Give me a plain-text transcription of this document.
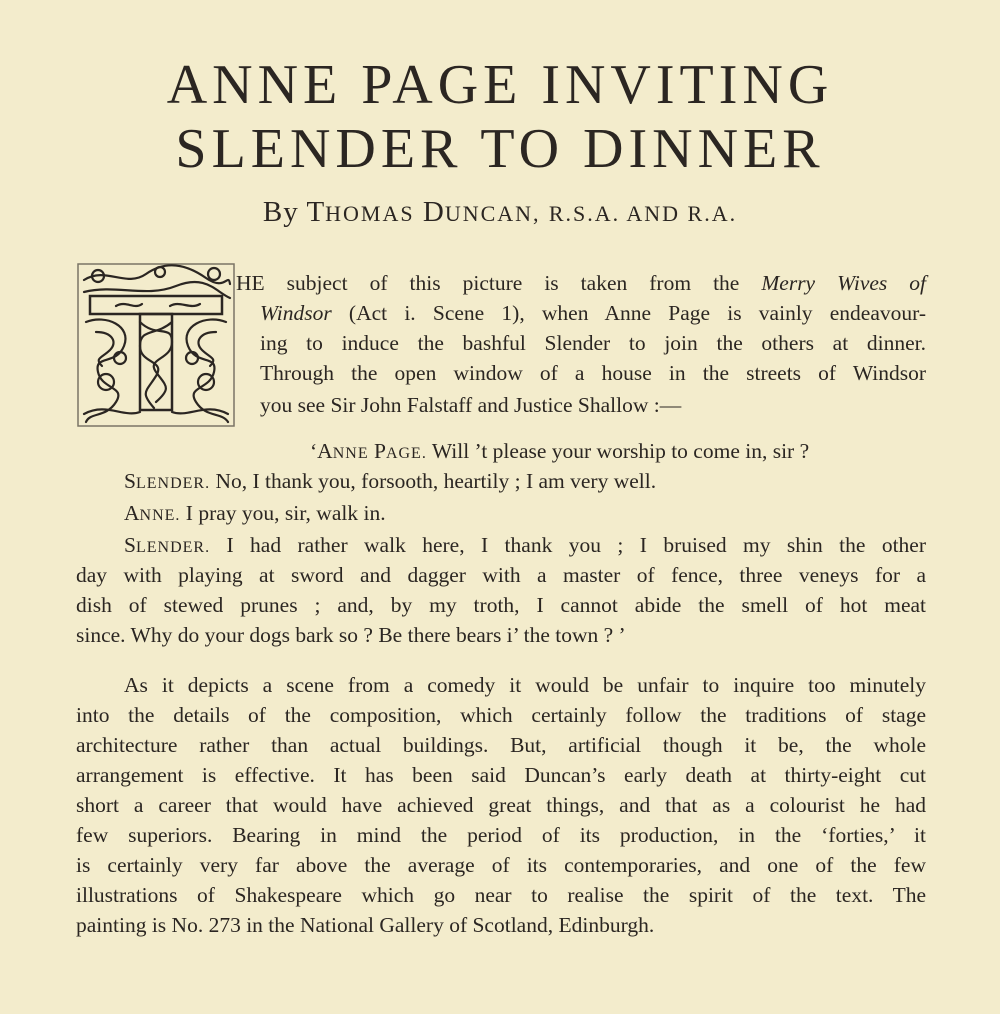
ANNE PAGE INVITING
SLENDER TO DINNER
By THOMAS DUNCAN, R.S.A. AND R.A.
HE subject of this picture is taken from the Merry Wives of
Windsor (Act i. Scene 1), when Anne Page is vainly endeavour-
ing to induce the bashful Slender to join the others at dinner.
Through the open window of a house in the streets of Windsor
you see Sir John Falstaff and Justice Shallow :—
‘ANNE PAGE. Will ’t please your worship to come in, sir ?
SLENDER. No, I thank you, forsooth, heartily ; I am very well.
ANNE. I pray you, sir, walk in.
SLENDER. I had rather walk here, I thank you ; I bruised my shin the other
day with playing at sword and dagger with a master of fence, three veneys for a
dish of stewed prunes ; and, by my troth, I cannot abide the smell of hot meat
since. Why do your dogs bark so ? Be there bears i’ the town ? ’
As it depicts a scene from a comedy it would be unfair to inquire too minutely
into the details of the composition, which certainly follow the traditions of stage
architecture rather than actual buildings. But, artificial though it be, the whole
arrangement is effective. It has been said Duncan’s early death at thirty-eight cut
short a career that would have achieved great things, and that as a colourist he had
few superiors. Bearing in mind the period of its production, in the ‘forties,’ it
is certainly very far above the average of its contemporaries, and one of the few
illustrations of Shakespeare which go near to realise the spirit of the text. The
painting is No. 273 in the National Gallery of Scotland, Edinburgh.
